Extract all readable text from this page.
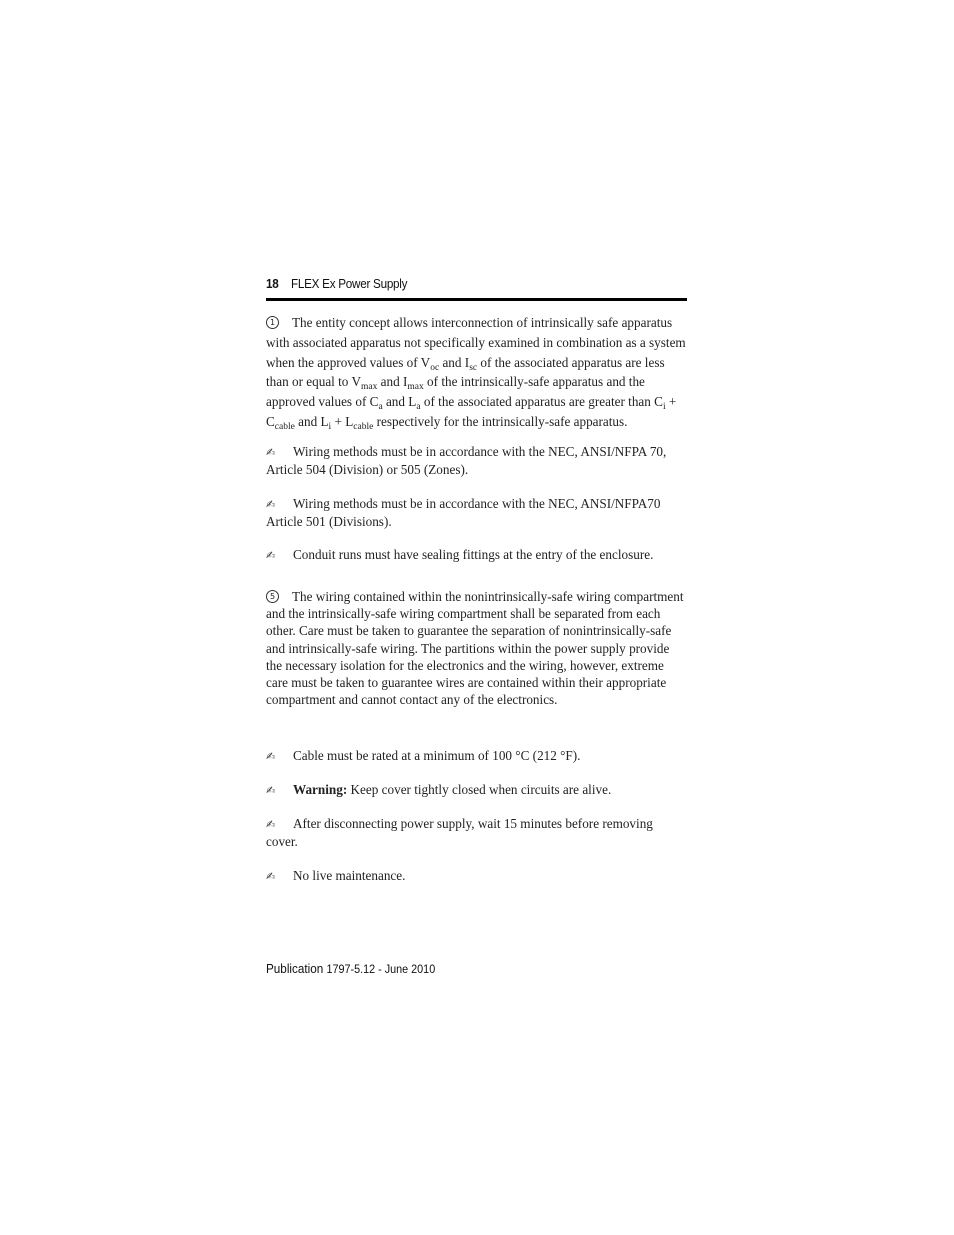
18 FLEX Ex Power Supply

1 The entity concept allows interconnection of intrinsically safe apparatus with associated apparatus not specifically examined in combination as a system when the approved values of $V_{oc}$ and $I_{sc}$ of the associated apparatus are less than or equal to $V_{max}$ and $I_{max}$ of the intrinsically-safe apparatus and the approved values of $C_a$ and $L_a$ of the associated apparatus are greater than $C_i + C_{cable}$ and $L_i + L_{cable}$ respectively for the intrinsically-safe apparatus.

✍ Wiring methods must be in accordance with the NEC, ANSI/NFPA 70, Article 504 (Division) or 505 (Zones).

✍ Wiring methods must be in accordance with the NEC, ANSI/NFPA70 Article 501 (Divisions).

✍ Conduit runs must have sealing fittings at the entry of the enclosure.

5 The wiring contained within the nonintrinsically-safe wiring compartment and the intrinsically-safe wiring compartment shall be separated from each other. Care must be taken to guarantee the separation of nonintrinsically-safe and intrinsically-safe wiring. The partitions within the power supply provide the necessary isolation for the electronics and the wiring, however, extreme care must be taken to guarantee wires are contained within their appropriate compartment and cannot contact any of the electronics.

✍ Cable must be rated at a minimum of 100 °C (212 °F).

✍ Warning: Keep cover tightly closed when circuits are alive.

✍ After disconnecting power supply, wait 15 minutes before removing cover.

✍ No live maintenance.

Publication 1797-5.12 - June 2010
